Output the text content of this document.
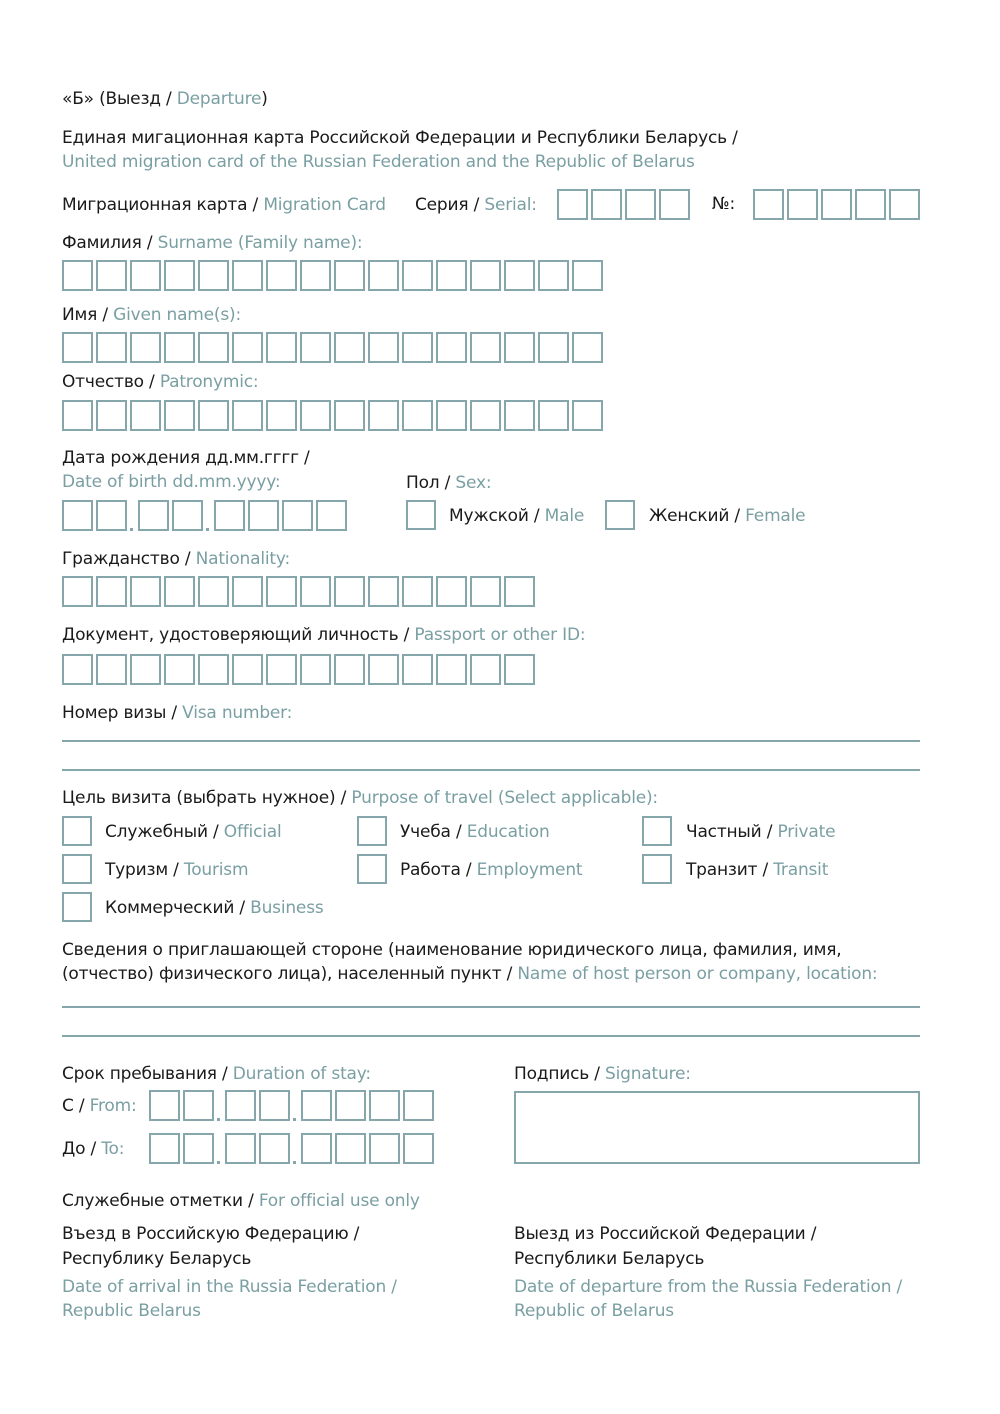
«Б» (Выезд / Departure)
Единая мигационная карта Российской Федерации и Республики Беларусь /
United migration card of the Russian Federation and the Republic of Belarus
Миграционная карта / Migration Card Серия / Serial:	№:
Фамилия / Surname (Family name):
Имя / Given name(s):
Отчество / Patronymic:
Дата рождения дд.мм.гггг /
Date of birth dd.mm.yyyy:	Пол / Sex:
Мужской / Male	Женский / Female
Гражданство / Nationality:
Документ, удостоверяющий личность / Passport or other ID:
Номер визы / Visa number:
Цель визита (выбрать нужное) / Purpose of travel (Select applicable):
Служебный / Official	Учеба / Education	Частный / Private
Туризм / Tourism	Работа / Employment	Транзит / Transit
Коммерческий / Business
Сведения о приглашающей стороне (наименование юридического лица, фамилия, имя,
(отчество) физического лица), населенный пункт / Name of host person or company, location:
Срок пребывания / Duration of stay:
С / From:
До / To:
Подпись / Signature:
Служебные отметки / For official use only
Въезд в Российскую Федерацию /
Республику Беларусь
Date of arrival in the Russia Federation /
Republic Belarus
Выезд из Российской Федерации /
Республики Беларусь
Date of departure from the Russia Federation /
Republic of Belarus
